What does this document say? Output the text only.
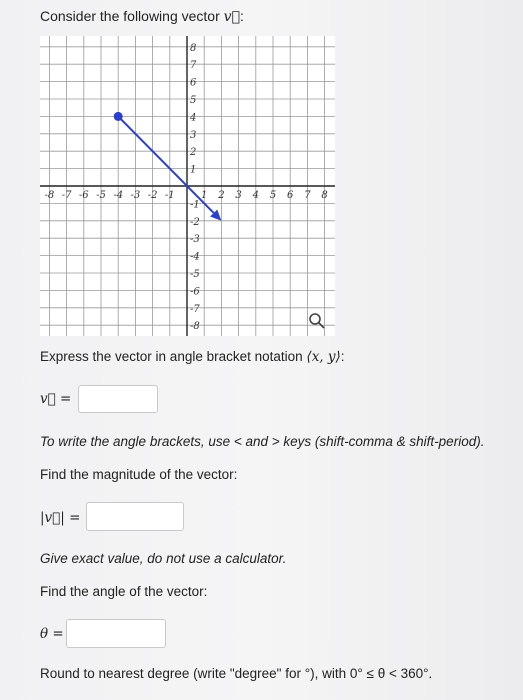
Consider the following vector v:
-8 -7 -6 -5 -4 -3 -2 -1	1 2 3 4 5 6 7 8
8
7
6
5
4
3
2
1
-1
-2
-3
-4
-5
-6
-7
-8
Express the vector in angle bracket notation ⟨x, y⟩:
v⃗ =
To write the angle brackets, use < and > keys (shift-comma & shift-period).
Find the magnitude of the vector:
|v⃗| =
Give exact value, do not use a calculator.
Find the angle of the vector:
θ =
Round to nearest degree (write "degree" for °), with 0° ≤ θ < 360°.
